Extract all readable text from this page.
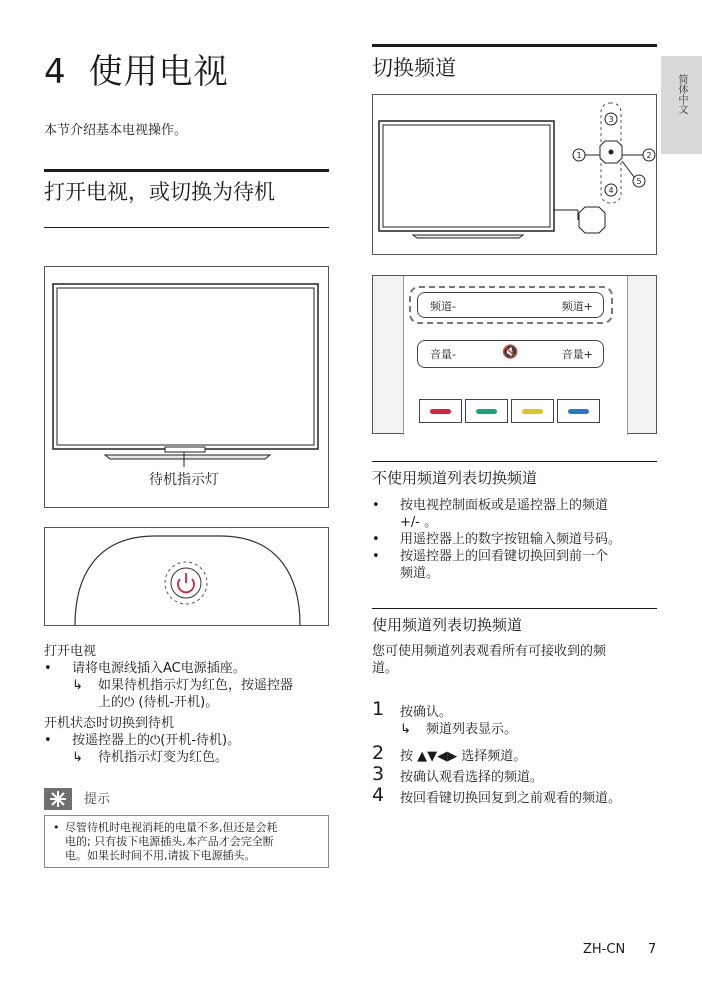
简体中文
4 使用电视
本节介绍基本电视操作。
打开电视，或切换为待机
待机指示灯
打开电视
• 请将电源线插入AC电源插座。
↳ 如果待机指示灯为红色，按遥控器
上的⏻ (待机-开机)。
开机状态时切换到待机
• 按遥控器上的⏻(开机-待机)。
↳ 待机指示灯变为红色。
提示
• 尽管待机时电视消耗的电量不多,但还是会耗
电的; 只有拔下电源插头,本产品才会完全断
电。如果长时间不用,请拔下电源插头。
切换频道
1	2
3
4
5
频道-	频道+
音量-	🔇	音量+
不使用频道列表切换频道
• 按电视控制面板或是遥控器上的频道
+/- 。
• 用遥控器上的数字按钮输入频道号码。
• 按遥控器上的回看键切换回到前一个
频道。
使用频道列表切换频道
您可使用频道列表观看所有可接收到的频
道。
1 按确认。
↳ 频道列表显示。
2 按 ▲▼◀▶ 选择频道。
3 按确认观看选择的频道。
4 按回看键切换回复到之前观看的频道。
ZH-CN 7
